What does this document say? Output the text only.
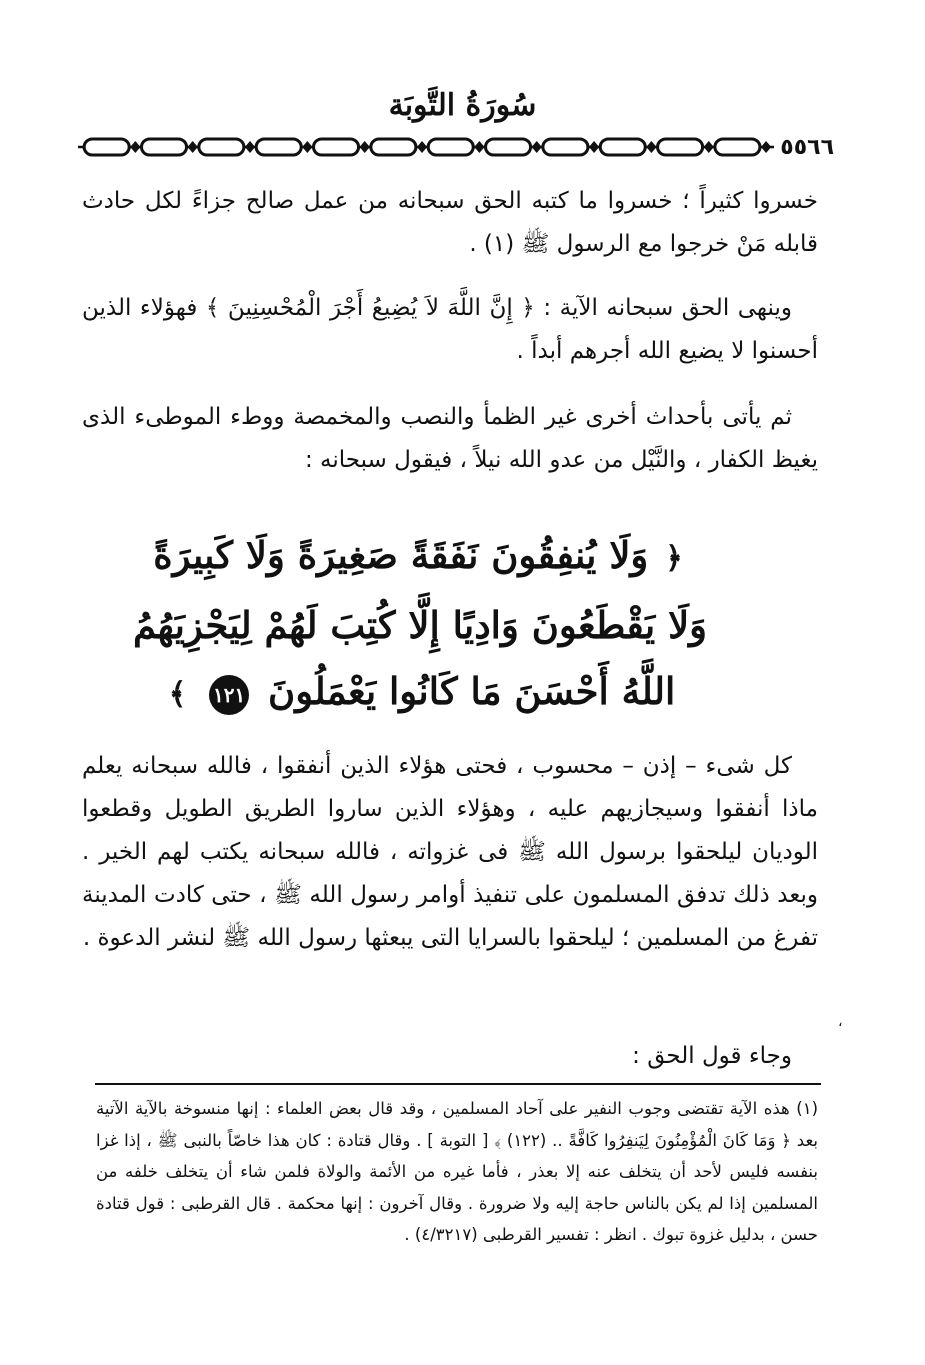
سُورَةُ التَّوبَة
٥٥٦٦
خسروا كثيراً ؛ خسروا ما كتبه الحق سبحانه من عمل صالح جزاءً لكل حادث قابله مَنْ خرجوا مع الرسول ﷺ (١) .
وينهى الحق سبحانه الآية : ﴿ إِنَّ اللَّهَ لاَ يُضِيعُ أَجْرَ الْمُحْسِنِينَ ﴾ فهؤلاء الذين أحسنوا لا يضيع الله أجرهم أبداً .
ثم يأتى بأحداث أخرى غير الظمأ والنصب والمخمصة ووطء الموطىء الذى يغيظ الكفار ، والنَّيْل من عدو الله نيلاً ، فيقول سبحانه :
﴿ وَلَا يُنفِقُونَ نَفَقَةً صَغِيرَةً وَلَا كَبِيرَةً
وَلَا يَقْطَعُونَ وَادِيًا إِلَّا كُتِبَ لَهُمْ لِيَجْزِيَهُمُ
اللَّهُ أَحْسَنَ مَا كَانُوا يَعْمَلُونَ ١٢١ ﴾
كل شىء – إذن – محسوب ، فحتى هؤلاء الذين أنفقوا ، فالله سبحانه يعلم ماذا أنفقوا وسيجازيهم عليه ، وهؤلاء الذين ساروا الطريق الطويل وقطعوا الوديان ليلحقوا برسول الله ﷺ فى غزواته ، فالله سبحانه يكتب لهم الخير . وبعد ذلك تدفق المسلمون على تنفيذ أوامر رسول الله ﷺ ، حتى كادت المدينة تفرغ من المسلمين ؛ ليلحقوا بالسرايا التى يبعثها رسول الله ﷺ لنشر الدعوة .
،
وجاء قول الحق :
(١) هذه الآية تقتضى وجوب النفير على آحاد المسلمين ، وقد قال بعض العلماء : إنها منسوخة بالآية الآتية بعد ﴿ وَمَا كَانَ الْمُؤْمِنُونَ لِيَنفِرُوا كَافَّةً .. (١٢٢) ﴾ [ التوبة ] . وقال قتادة : كان هذا خاصّاً بالنبى ﷺ ، إذا غزا بنفسه فليس لأحد أن يتخلف عنه إلا بعذر ، فأما غيره من الأئمة والولاة فلمن شاء أن يتخلف خلفه من المسلمين إذا لم يكن بالناس حاجة إليه ولا ضرورة . وقال آخرون : إنها محكمة . قال القرطبى : قول قتادة حسن ، بدليل غزوة تبوك . انظر : تفسير القرطبى (٤/٣٢١٧) .
